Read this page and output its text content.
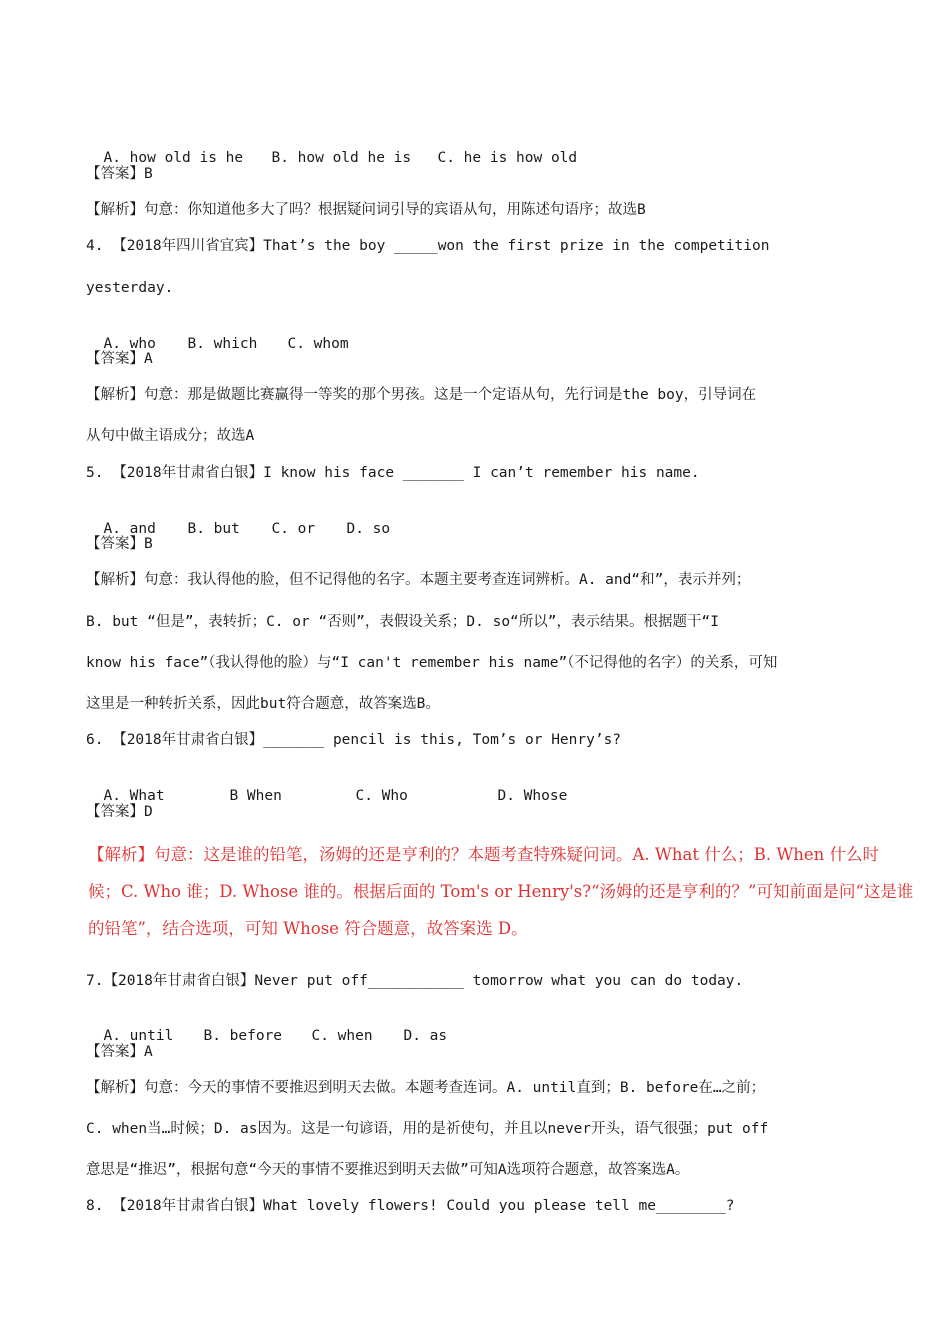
A. how old is he B. how old he is C. he is how old

【答案】B
【解析】句意：你知道他多大了吗？根据疑问词引导的宾语从句，用陈述句语序；故选B
4. 【2018年四川省宜宾】That’s the boy _____won the first prize in the competition
yesterday.

A. who B. which C. whom

【答案】A
【解析】句意：那是做题比赛赢得一等奖的那个男孩。这是一个定语从句，先行词是the boy，引导词在
从句中做主语成分；故选A
5. 【2018年甘肃省白银】I know his face _______ I can’t remember his name.

A. and B. but C. or D. so

【答案】B
【解析】句意：我认得他的脸，但不记得他的名字。本题主要考查连词辨析。A. and“和”，表示并列；
B. but “但是”，表转折；C. or “否则”，表假设关系；D. so“所以”，表示结果。根据题干“I
know his face”（我认得他的脸）与“I can't remember his name”（不记得他的名字）的关系，可知
这里是一种转折关系，因此but符合题意，故答案选B。
6. 【2018年甘肃省白银】_______ pencil is this, Tom’s or Henry’s?

A. What	B When	C. Who	D. Whose

【答案】D
【解析】句意：这是谁的铅笔，汤姆的还是亨利的？本题考查特殊疑问词。A. What 什么；B. When 什么时
候；C. Who 谁；D. Whose 谁的。根据后面的 Tom's or Henry's?“汤姆的还是亨利的？”可知前面是问“这是谁
的铅笔”，结合选项，可知 Whose 符合题意，故答案选 D。
7.【2018年甘肃省白银】Never put off___________ tomorrow what you can do today.

A. until B. before C. when D. as

【答案】A
【解析】句意：今天的事情不要推迟到明天去做。本题考查连词。A. until直到；B. before在…之前；
C. when当…时候；D. as因为。这是一句谚语，用的是祈使句，并且以never开头，语气很强；put off
意思是“推迟”，根据句意“今天的事情不要推迟到明天去做”可知A选项符合题意，故答案选A。
8. 【2018年甘肃省白银】What lovely flowers! Could you please tell me________?
